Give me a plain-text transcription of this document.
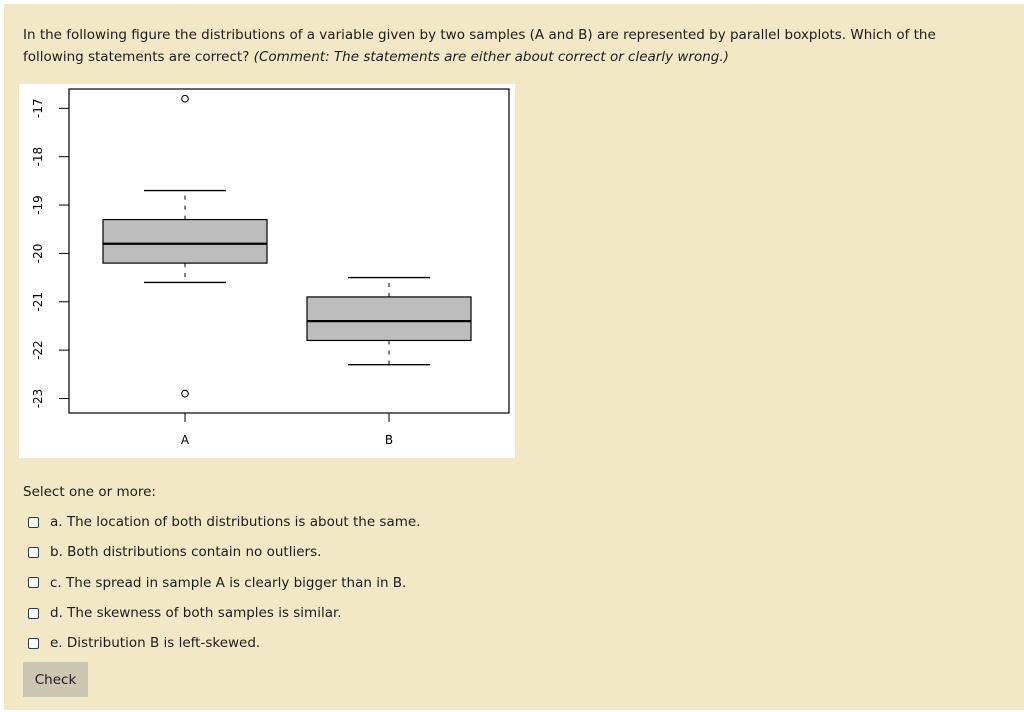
In the following figure the distributions of a variable given by two samples (A and B) are represented by parallel boxplots. Which of the following statements are correct? (Comment: The statements are either about correct or clearly wrong.)
-17
-18
-19
-20
-21
-22
-23
A	B
Select one or more:
a.
The location of both distributions is about the same.
b.
Both distributions contain no outliers.
c.
The spread in sample A is clearly bigger than in B.
d.
The skewness of both samples is similar.
e.
Distribution B is left-skewed.
Check
